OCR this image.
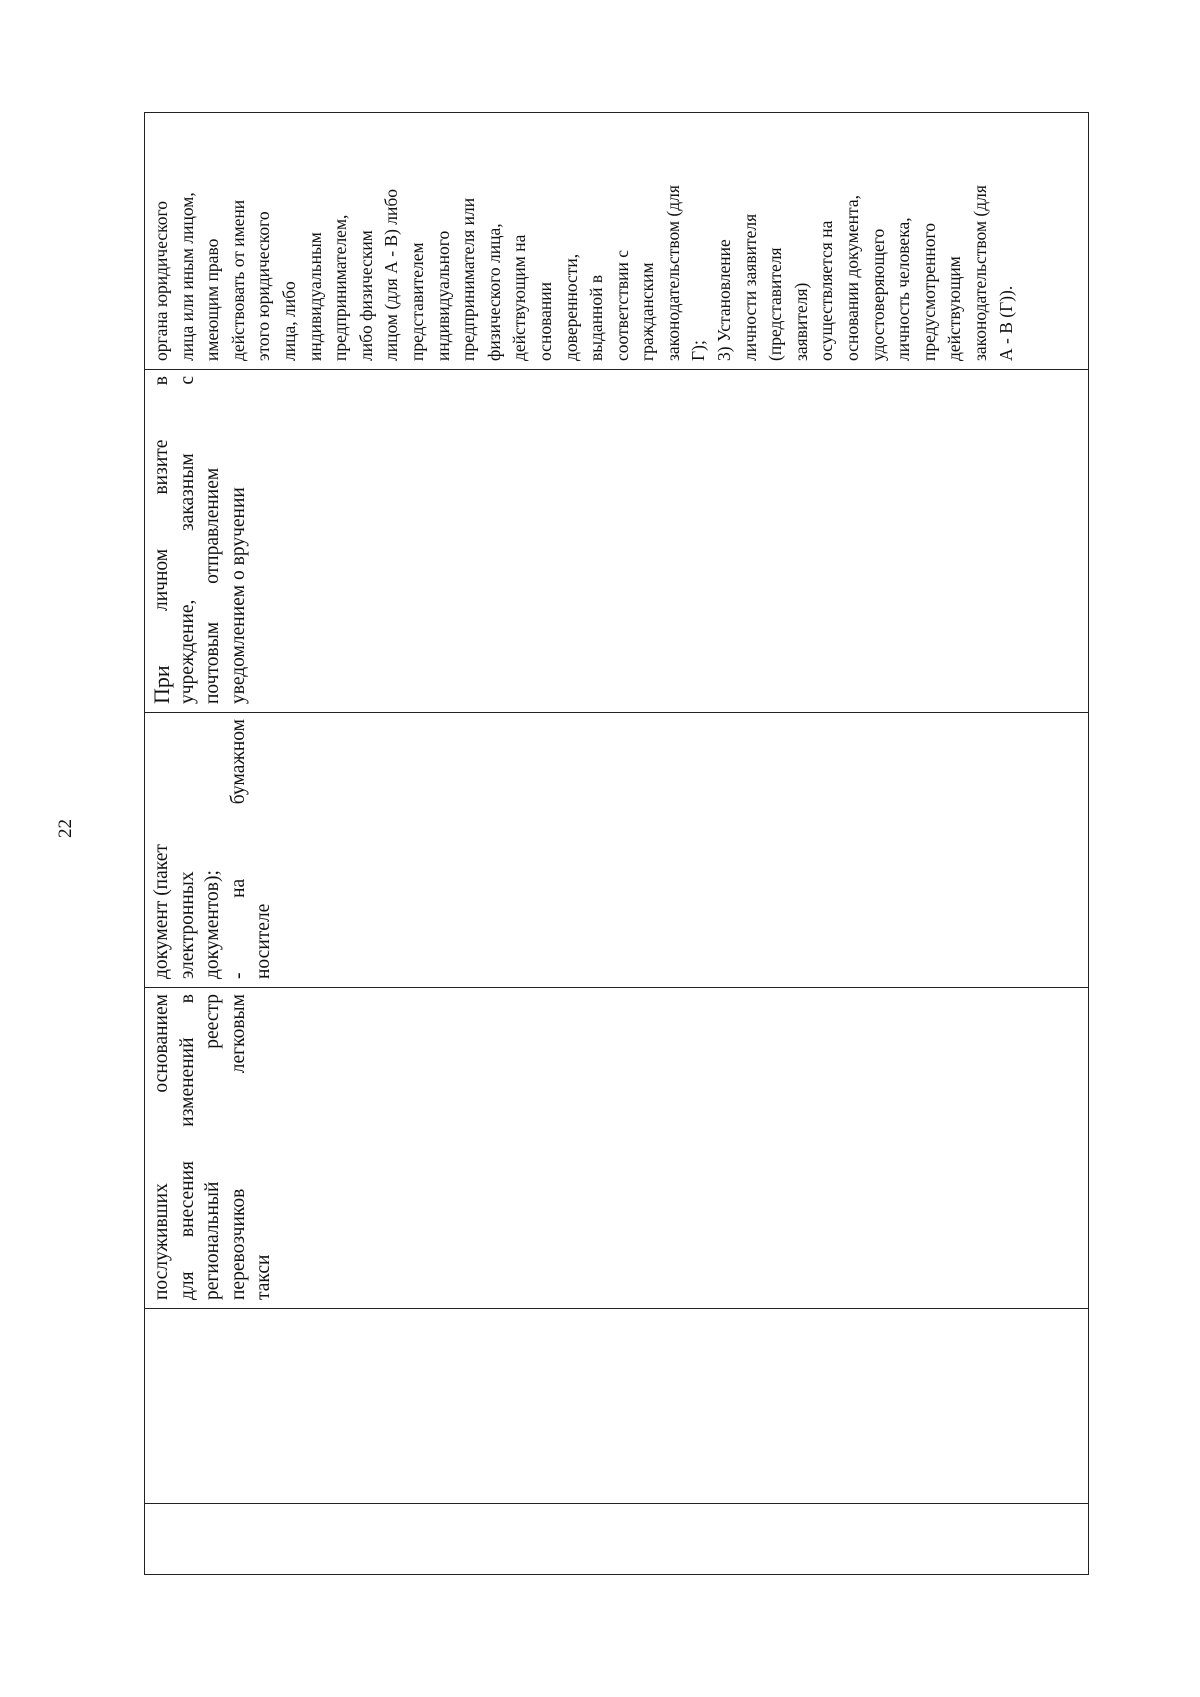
22
послуживших
основанием
для
внесения
изменений
в
региональный
реестр
перевозчиков
легковым

такси

документ (пакет электронных документов); -
на
бумажном

носителе

При
личном
визите
в
учреждение,
заказным
с
почтовым
отправлением уведомлением о вручении

органа юридического лица или иным лицом, имеющим право действовать от имени этого юридического лица, либо индивидуальным предпринимателем, либо физическим лицом (для А - В) либо представителем индивидуального предпринимателя или физического лица, действующим на основании доверенности, выданной в соответствии с гражданским законодательством (для Г); 3) Установление личности заявителя (представителя заявителя) осуществляется на основании документа, удостоверяющего личность человека, предусмотренного действующим законодательством (для А - В (Г)).
